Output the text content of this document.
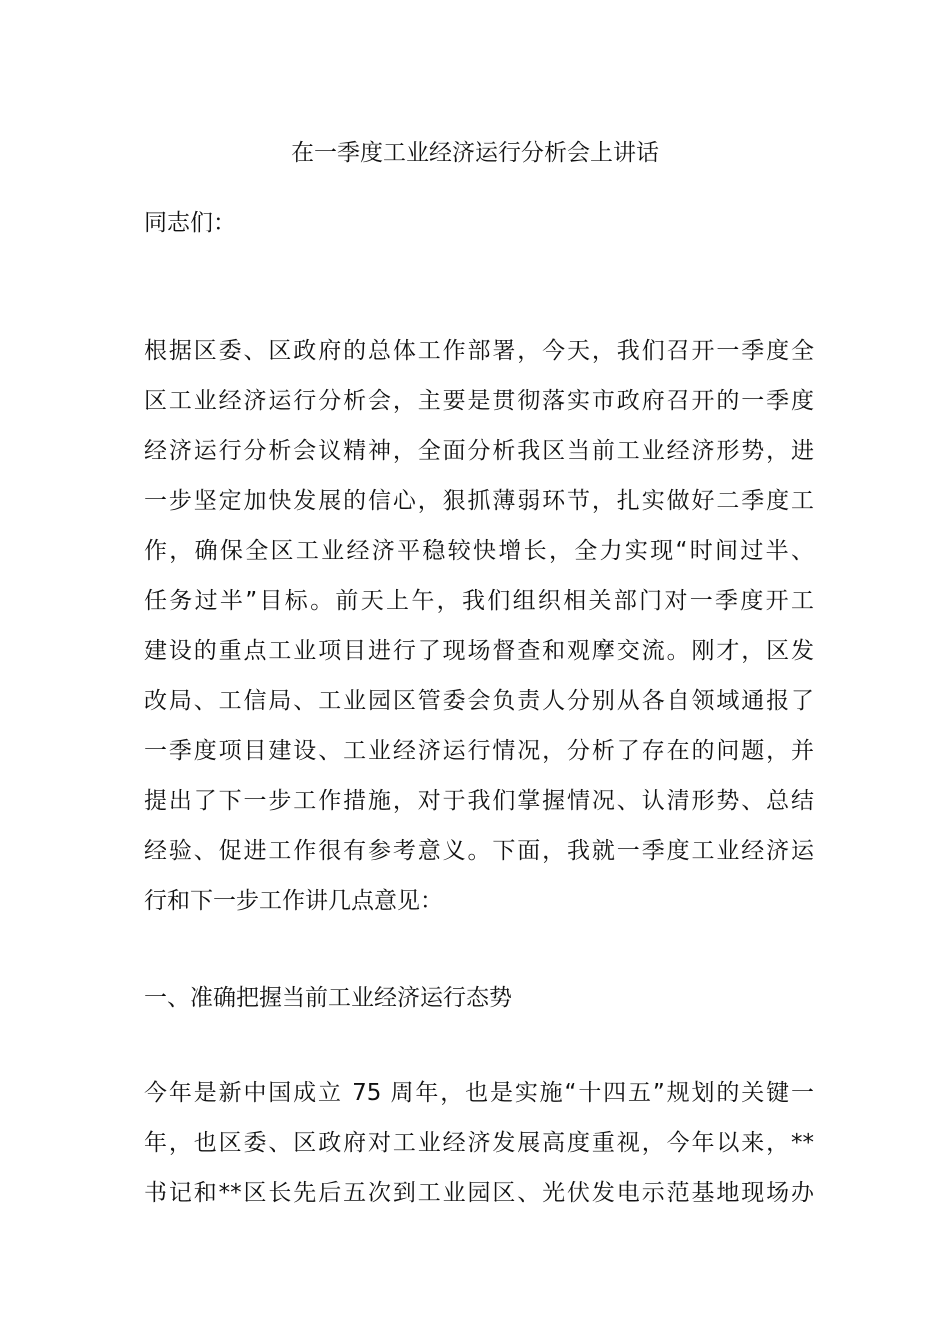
在一季度工业经济运行分析会上讲话
同志们：
根据区委、区政府的总体工作部署，今天，我们召开一季度全
区工业经济运行分析会，主要是贯彻落实市政府召开的一季度
经济运行分析会议精神，全面分析我区当前工业经济形势，进
一步坚定加快发展的信心，狠抓薄弱环节，扎实做好二季度工
作，确保全区工业经济平稳较快增长，全力实现“时间过半、
任务过半”目标。前天上午，我们组织相关部门对一季度开工
建设的重点工业项目进行了现场督查和观摩交流。刚才，区发
改局、工信局、工业园区管委会负责人分别从各自领域通报了
一季度项目建设、工业经济运行情况，分析了存在的问题，并
提出了下一步工作措施，对于我们掌握情况、认清形势、总结
经验、促进工作很有参考意义。下面，我就一季度工业经济运
行和下一步工作讲几点意见：
一、准确把握当前工业经济运行态势
今年是新中国成立 75 周年，也是实施“十四五”规划的关键一
年，也区委、区政府对工业经济发展高度重视，今年以来，**
书记和**区长先后五次到工业园区、光伏发电示范基地现场办
